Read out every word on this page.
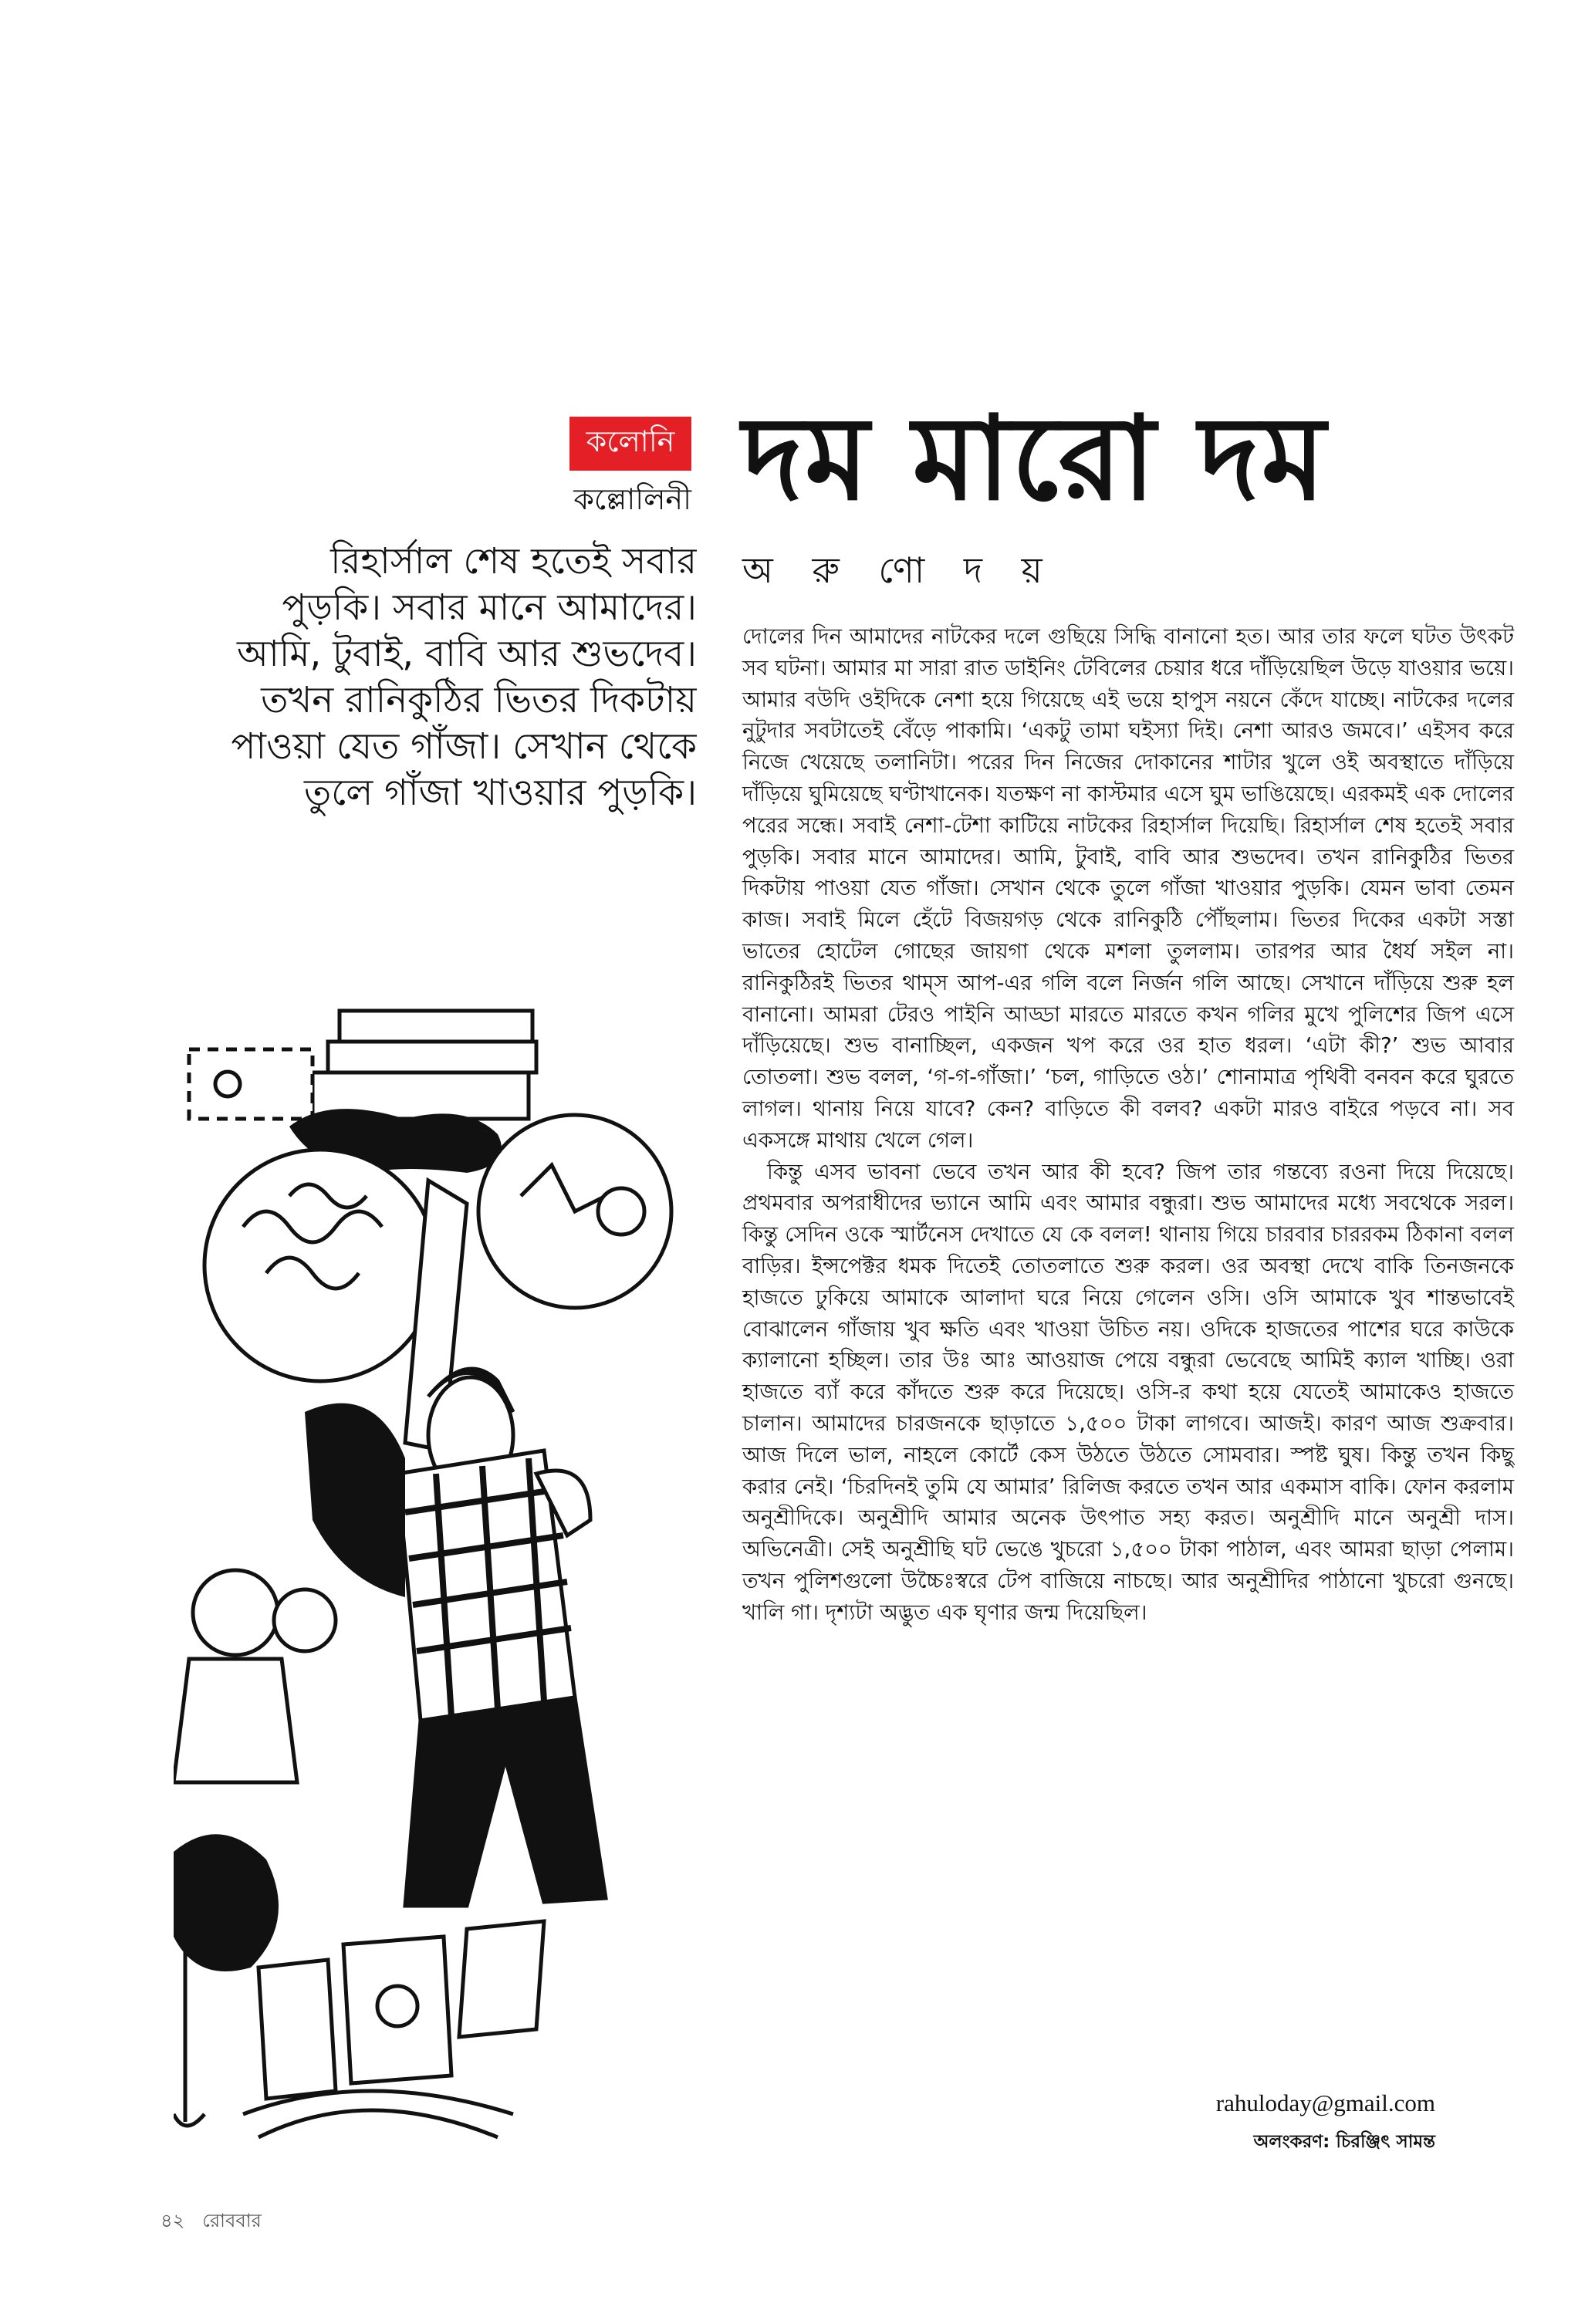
কলোনি
কল্লোলিনী দম মারো দম
অ রু ণো দ য়
রিহার্সাল শেষ হতেই সবার
পুড়কি। সবার মানে আমাদের।
আমি, টুবাই, বাবি আর শুভদেব।
তখন রানিকুঠির ভিতর দিকটায়
পাওয়া যেত গাঁজা। সেখান থেকে
তুলে গাঁজা খাওয়ার পুড়কি।

দোলের দিন আমাদের নাটকের দলে গুছিয়ে সিদ্ধি বানানো হত। আর তার ফলে ঘটত উৎকট সব ঘটনা। আমার মা সারা রাত ডাইনিং টেবিলের চেয়ার ধরে দাঁড়িয়েছিল উড়ে যাওয়ার ভয়ে। আমার বউদি ওইদিকে নেশা হয়ে গিয়েছে এই ভয়ে হাপুস নয়নে কেঁদে যাচ্ছে। নাটকের দলের নুটুদার সবটাতেই বেঁড়ে পাকামি। ‘একটু তামা ঘইস্যা দিই। নেশা আরও জমবে।’ এইসব করে নিজে খেয়েছে তলানিটা। পরের দিন নিজের দোকানের শাটার খুলে ওই অবস্থাতে দাঁড়িয়ে দাঁড়িয়ে ঘুমিয়েছে ঘণ্টাখানেক। যতক্ষণ না কাস্টমার এসে ঘুম ভাঙিয়েছে। এরকমই এক দোলের পরের সন্ধে। সবাই নেশা-টেশা কাটিয়ে নাটকের রিহার্সাল দিয়েছি। রিহার্সাল শেষ হতেই সবার পুড়কি। সবার মানে আমাদের। আমি, টুবাই, বাবি আর শুভদেব। তখন রানিকুঠির ভিতর দিকটায় পাওয়া যেত গাঁজা। সেখান থেকে তুলে গাঁজা খাওয়ার পুড়কি। যেমন ভাবা তেমন কাজ। সবাই মিলে হেঁটে বিজয়গড় থেকে রানিকুঠি পৌঁছলাম। ভিতর দিকের একটা সস্তা ভাতের হোটেল গোছের জায়গা থেকে মশলা তুললাম। তারপর আর ধৈর্য সইল না। রানিকুঠিরই ভিতর থাম্‌স আপ-এর গলি বলে নির্জন গলি আছে। সেখানে দাঁড়িয়ে শুরু হল বানানো। আমরা টেরও পাইনি আড্ডা মারতে মারতে কখন গলির মুখে পুলিশের জিপ এসে দাঁড়িয়েছে। শুভ বানাচ্ছিল, একজন খপ করে ওর হাত ধরল। ‘এটা কী?’ শুভ আবার তোতলা। শুভ বলল, ‘গ-গ-গাঁজা।’ ‘চল, গাড়িতে ওঠ।’ শোনামাত্র পৃথিবী বনবন করে ঘুরতে লাগল। থানায় নিয়ে যাবে? কেন? বাড়িতে কী বলব? একটা মারও বাইরে পড়বে না। সব একসঙ্গে মাথায় খেলে গেল।

কিন্তু এসব ভাবনা ভেবে তখন আর কী হবে? জিপ তার গন্তব্যে রওনা দিয়ে দিয়েছে। প্রথমবার অপরাধীদের ভ্যানে আমি এবং আমার বন্ধুরা। শুভ আমাদের মধ্যে সবথেকে সরল। কিন্তু সেদিন ওকে স্মার্টনেস দেখাতে যে কে বলল! থানায় গিয়ে চারবার চাররকম ঠিকানা বলল বাড়ির। ইন্সপেক্টর ধমক দিতেই তোতলাতে শুরু করল। ওর অবস্থা দেখে বাকি তিনজনকে হাজতে ঢুকিয়ে আমাকে আলাদা ঘরে নিয়ে গেলেন ওসি। ওসি আমাকে খুব শান্তভাবেই বোঝালেন গাঁজায় খুব ক্ষতি এবং খাওয়া উচিত নয়। ওদিকে হাজতের পাশের ঘরে কাউকে ক্যালানো হচ্ছিল। তার উঃ আঃ আওয়াজ পেয়ে বন্ধুরা ভেবেছে আমিই ক্যাল খাচ্ছি। ওরা হাজতে ব্যাঁ করে কাঁদতে শুরু করে দিয়েছে। ওসি-র কথা হয়ে যেতেই আমাকেও হাজতে চালান। আমাদের চারজনকে ছাড়াতে ১,৫০০ টাকা লাগবে। আজই। কারণ আজ শুক্রবার। আজ দিলে ভাল, নাহলে কোর্টে কেস উঠতে উঠতে সোমবার। স্পষ্ট ঘুষ। কিন্তু তখন কিছু করার নেই। ‘চিরদিনই তুমি যে আমার’ রিলিজ করতে তখন আর একমাস বাকি। ফোন করলাম অনুশ্রীদিকে। অনুশ্রীদি আমার অনেক উৎপাত সহ্য করত। অনুশ্রীদি মানে অনুশ্রী দাস। অভিনেত্রী। সেই অনুশ্রীছি ঘট ভেঙে খুচরো ১,৫০০ টাকা পাঠাল, এবং আমরা ছাড়া পেলাম। তখন পুলিশগুলো উচ্চৈঃস্বরে টেপ বাজিয়ে নাচছে। আর অনুশ্রীদির পাঠানো খুচরো গুনছে। খালি গা। দৃশ্যটা অদ্ভুত এক ঘৃণার জন্ম দিয়েছিল।

rahuloday@gmail.com
অলংকরণ: চিরঞ্জিৎ সামন্ত
৪২ রোববার
